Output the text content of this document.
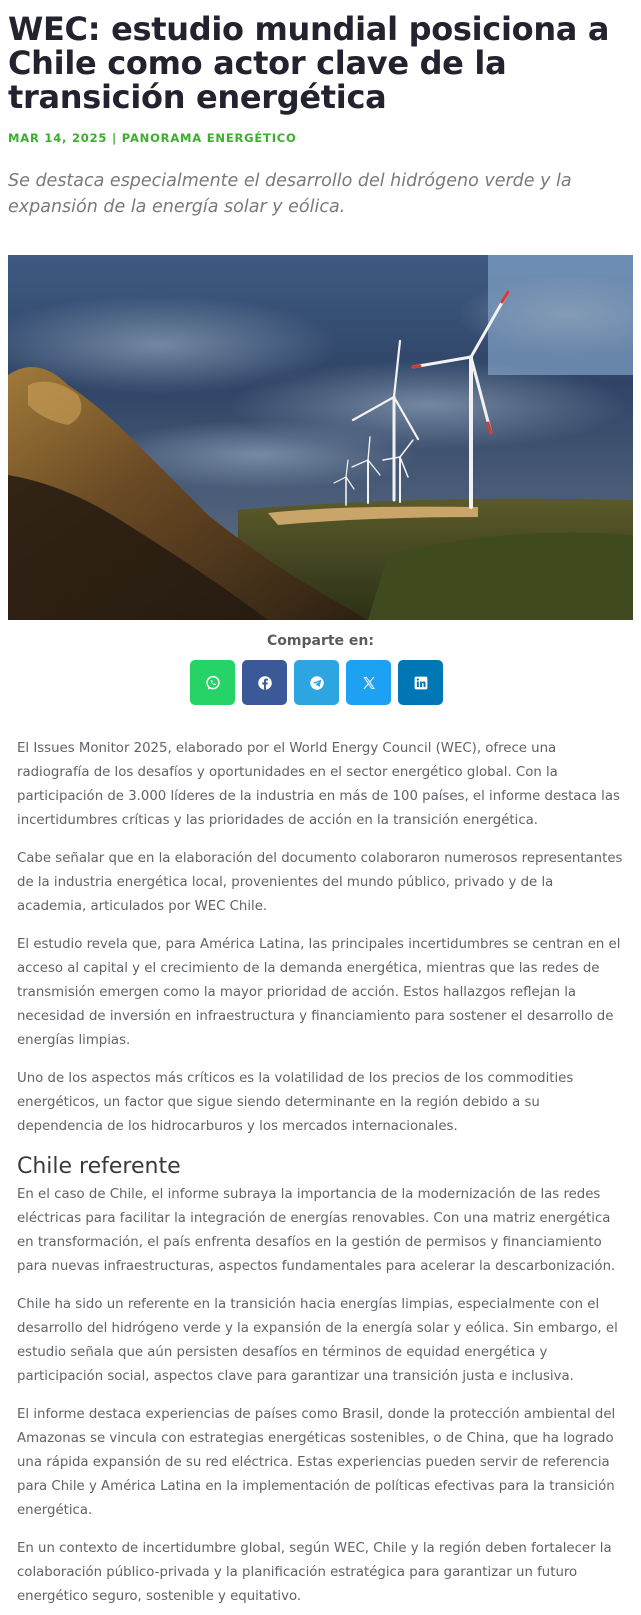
WEC: estudio mundial posiciona a Chile como actor clave de la transición energética
MAR 14, 2025 | PANORAMA ENERGÉTICO

Se destaca especialmente el desarrollo del hidrógeno verde y la expansión de la energía solar y eólica.

Comparte en:

El Issues Monitor 2025, elaborado por el World Energy Council (WEC), ofrece una radiografía de los desafíos y oportunidades en el sector energético global. Con la participación de 3.000 líderes de la industria en más de 100 países, el informe destaca las incertidumbres críticas y las prioridades de acción en la transición energética.

Cabe señalar que en la elaboración del documento colaboraron numerosos representantes de la industria energética local, provenientes del mundo público, privado y de la academia, articulados por WEC Chile.

El estudio revela que, para América Latina, las principales incertidumbres se centran en el acceso al capital y el crecimiento de la demanda energética, mientras que las redes de transmisión emergen como la mayor prioridad de acción. Estos hallazgos reflejan la necesidad de inversión en infraestructura y financiamiento para sostener el desarrollo de energías limpias.

Uno de los aspectos más críticos es la volatilidad de los precios de los commodities energéticos, un factor que sigue siendo determinante en la región debido a su dependencia de los hidrocarburos y los mercados internacionales.

Chile referente

En el caso de Chile, el informe subraya la importancia de la modernización de las redes eléctricas para facilitar la integración de energías renovables. Con una matriz energética en transformación, el país enfrenta desafíos en la gestión de permisos y financiamiento para nuevas infraestructuras, aspectos fundamentales para acelerar la descarbonización.

Chile ha sido un referente en la transición hacia energías limpias, especialmente con el desarrollo del hidrógeno verde y la expansión de la energía solar y eólica. Sin embargo, el estudio señala que aún persisten desafíos en términos de equidad energética y participación social, aspectos clave para garantizar una transición justa e inclusiva.

El informe destaca experiencias de países como Brasil, donde la protección ambiental del Amazonas se vincula con estrategias energéticas sostenibles, o de China, que ha logrado una rápida expansión de su red eléctrica. Estas experiencias pueden servir de referencia para Chile y América Latina en la implementación de políticas efectivas para la transición energética.

En un contexto de incertidumbre global, según WEC, Chile y la región deben fortalecer la colaboración público-privada y la planificación estratégica para garantizar un futuro energético seguro, sostenible y equitativo.
